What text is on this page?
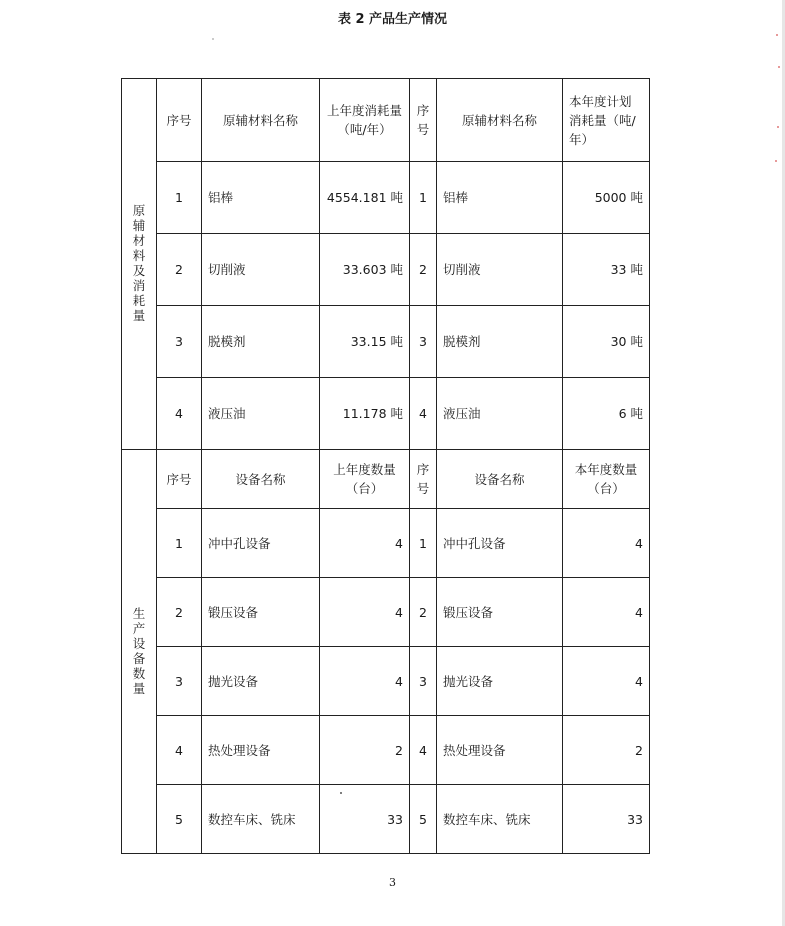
表 2 产品生产情况
原辅材料及消耗量	序号	原辅材料名称	上年度消耗量（吨/年）	序号	原辅材料名称	本年度计划消耗量（吨/年）
	1	铝棒	4554.181 吨	1	铝棒	5000 吨
	2	切削液	33.603 吨	2	切削液	33 吨
	3	脱模剂	33.15 吨	3	脱模剂	30 吨
	4	液压油	11.178 吨	4	液压油	6 吨
生产设备数量	序号	设备名称	上年度数量（台）	序号	设备名称	本年度数量（台）
	1	冲中孔设备	4	1	冲中孔设备	4
	2	锻压设备	4	2	锻压设备	4
	3	抛光设备	4	3	抛光设备	4
	4	热处理设备	2	4	热处理设备	2
	5	数控车床、铣床	33	5	数控车床、铣床	33
3
